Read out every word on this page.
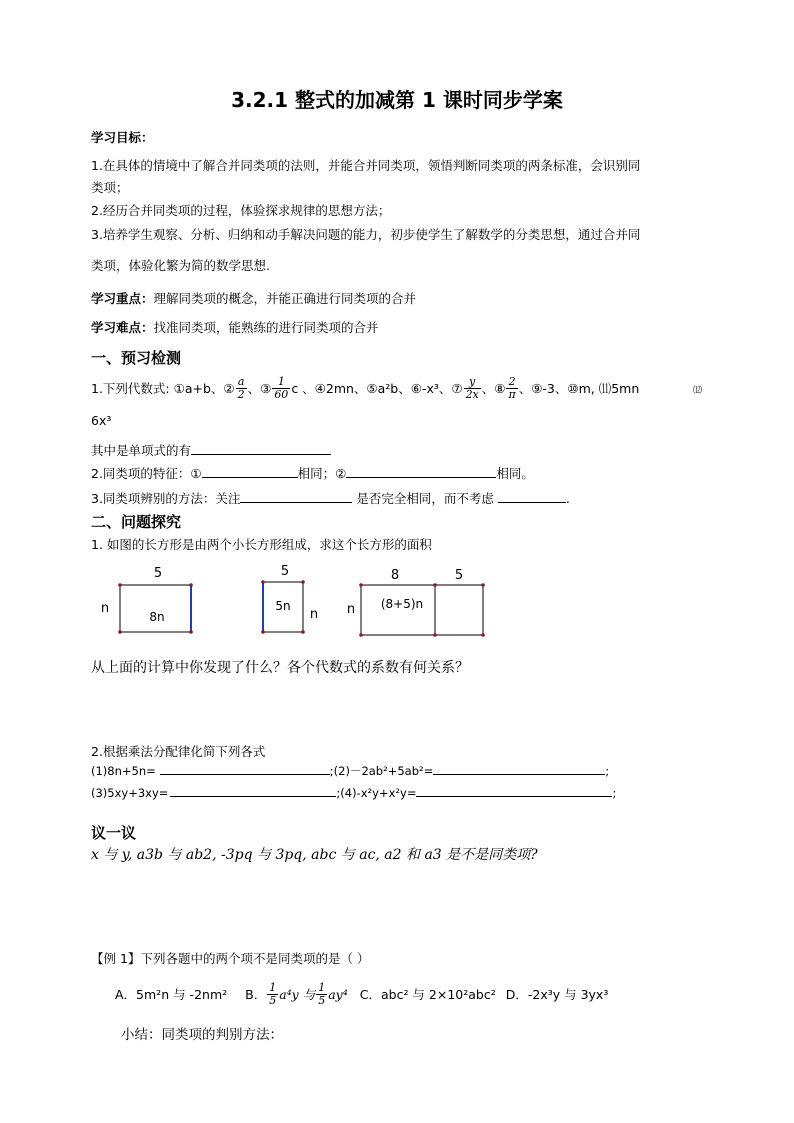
3.2.1 整式的加减第 1 课时同步学案
学习目标：
1.在具体的情境中了解合并同类项的法则，并能合并同类项，领悟判断同类项的两条标准，会识别同
类项；
2.经历合并同类项的过程，体验探求规律的思想方法；
3.培养学生观察、分析、归纳和动手解决问题的能力，初步使学生了解数学的分类思想，通过合并同
类项，体验化繁为简的数学思想.
学习重点：理解同类项的概念，并能正确进行同类项的合并
学习难点：找准同类项，能熟练的进行同类项的合并
一、预习检测
1.下列代数式: ①a+b、② $\frac{a}{2}$ 、③ $\frac{1}{60}$ c 、④2mn、⑤a²b、⑥-x³、⑦ $\frac{y}{2x}$ 、⑧ $\frac{2}{\pi}$ 、⑨-3、⑩m, ⑾5mn	⑿
6x³
其中是单项式的有
2.同类项的特征：①	相同；②	相同。
3.同类项辨别的方法：关注	是否完全相同，而不考虑	.
二、问题探究
1. 如图的长方形是由两个小长方形组成，求这个长方形的面积
5
n
8n
5
n
5n
8	5
n (8+5)n
从上面的计算中你发现了什么？各个代数式的系数有何关系？
2.根据乘法分配律化简下列各式
(1)8n+5n=	;(2)－2ab²+5ab²=	;
(3)5xy+3xy=	;(4)-x²y+x²y=	;
议一议
x 与 y, a3b 与 ab2, -3pq 与 3pq, abc 与 ac, a2 和 a3 是不是同类项?
【例 1】下列各题中的两个项不是同类项的是（ ）
A．5m²n 与 -2nm² B． $\frac{1}{5} a^4y$ 与 $\frac{1}{5} ay^4$ C．abc² 与 2×10²abc² D．-2x³y 与 3yx³
小结：同类项的判别方法：
